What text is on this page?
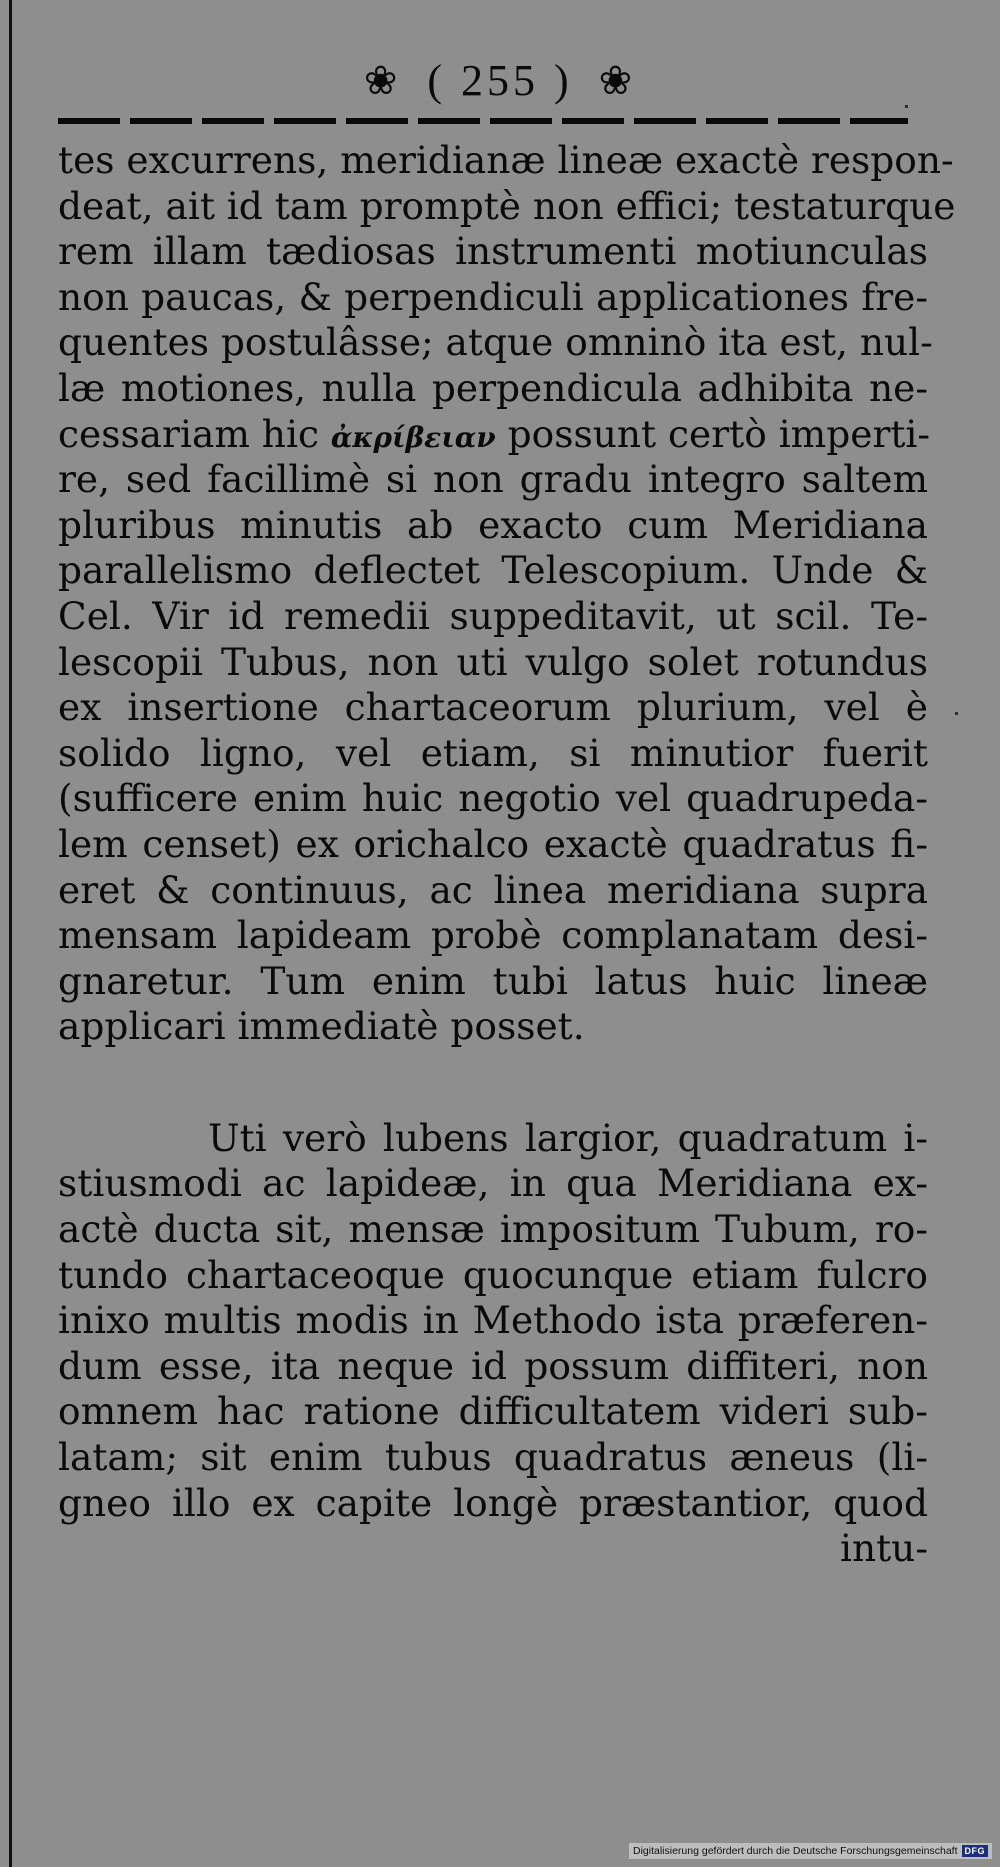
❀ ( 255 ) ❀
tes excurrens, meridianæ lineæ exactè respon-
deat, ait id tam promptè non effici; testaturque
rem illam tædiosas instrumenti motiunculas
non paucas, & perpendiculi applicationes fre-
quentes postulâsse; atque omninò ita est, nul-
læ motiones, nulla perpendicula adhibita ne-
cessariam hic ἀκρίβειαν possunt certò imperti-
re, sed facillimè si non gradu integro saltem
pluribus minutis ab exacto cum Meridiana
parallelismo deflectet Telescopium. Unde &
Cel. Vir id remedii suppeditavit, ut scil. Te-
lescopii Tubus, non uti vulgo solet rotundus
ex insertione chartaceorum plurium, vel è
solido ligno, vel etiam, si minutior fuerit
(sufficere enim huic negotio vel quadrupeda-
lem censet) ex orichalco exactè quadratus fi-
eret & continuus, ac linea meridiana supra
mensam lapideam probè complanatam desi-
gnaretur. Tum enim tubi latus huic lineæ
applicari immediatè posset.
Uti verò lubens largior, quadratum i-
stiusmodi ac lapideæ, in qua Meridiana ex-
actè ducta sit, mensæ impositum Tubum, ro-
tundo chartaceoque quocunque etiam fulcro
inixo multis modis in Methodo ista præferen-
dum esse, ita neque id possum diffiteri, non
omnem hac ratione difficultatem videri sub-
latam; sit enim tubus quadratus æneus (li-
gneo illo ex capite longè præstantior, quod
intu-
Digitalisierung gefördert durch die Deutsche Forschungsgemeinschaft DFG
